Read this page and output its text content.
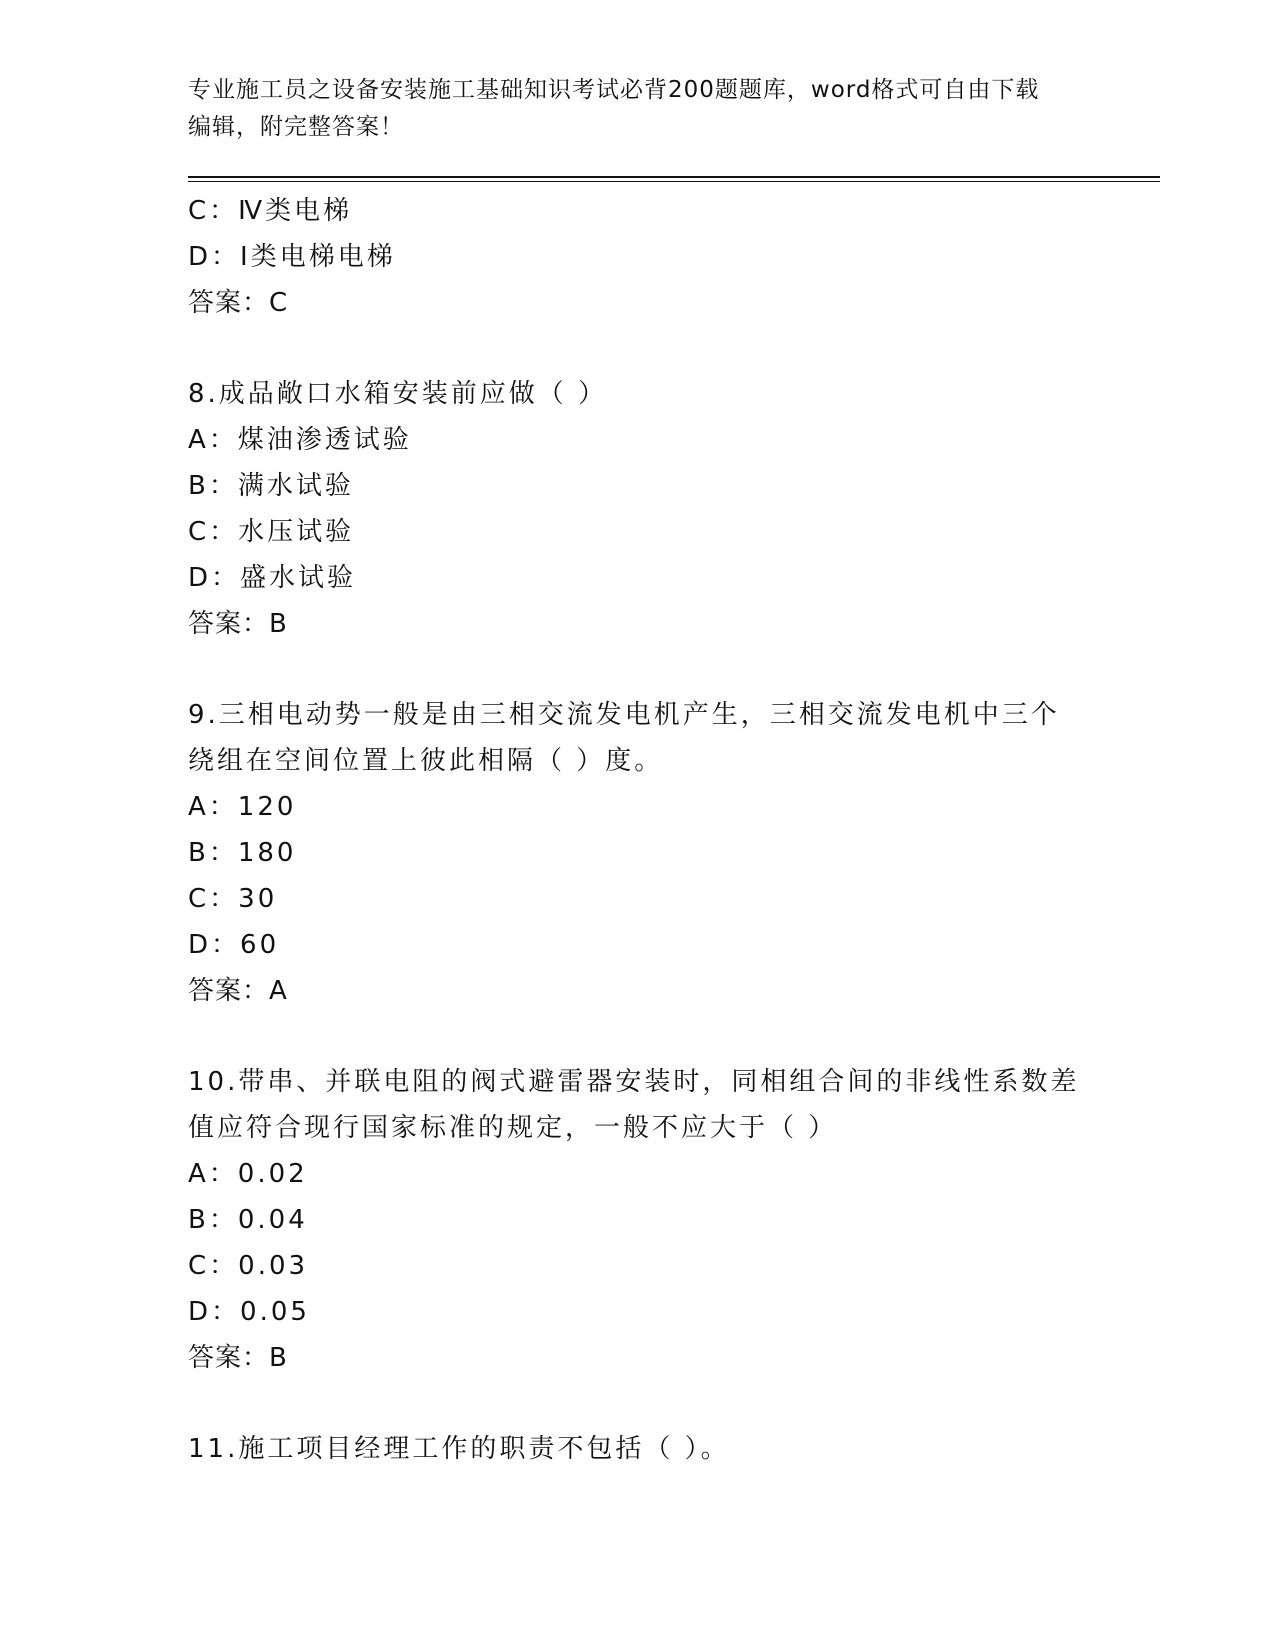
专业施工员之设备安装施工基础知识考试必背200题题库，word格式可自由下载
编辑，附完整答案！
C：Ⅳ类电梯
D：Ⅰ类电梯电梯
答案：C
8.成品敞口水箱安装前应做（ ）
A：煤油渗透试验
B：满水试验
C：水压试验
D：盛水试验
答案：B
9.三相电动势一般是由三相交流发电机产生，三相交流发电机中三个
绕组在空间位置上彼此相隔（ ）度。
A：120
B：180
C：30
D：60
答案：A
10.带串、并联电阻的阀式避雷器安装时，同相组合间的非线性系数差
值应符合现行国家标准的规定，一般不应大于（ ）
A：0.02
B：0.04
C：0.03
D：0.05
答案：B
11.施工项目经理工作的职责不包括（ ）。
